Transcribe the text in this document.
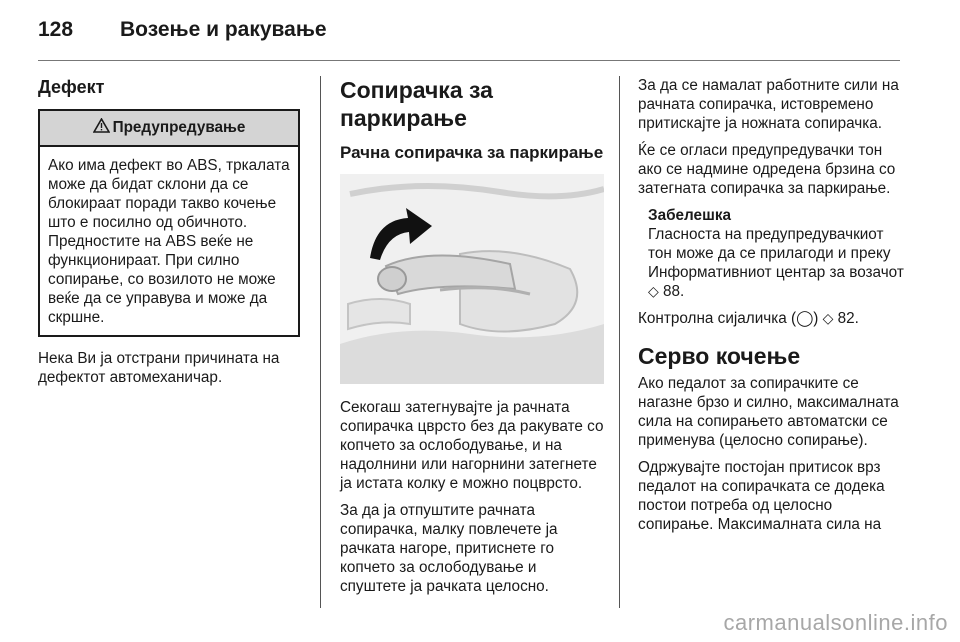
128	Возење и ракување
Дефект
Предупредување
Ако има дефект во ABS, тркалата може да бидат склони да се блокираат поради такво кочење што е посилно од обичното. Предностите на ABS веќе не функционираат. При силно сопирање, со возилото не може веќе да се управува и може да скршне.

Нека Ви ја отстрани причината на дефектот автомеханичар.

Сопирачка за паркирање
Рачна сопирачка за паркирање

Секогаш затегнувајте ја рачната сопирачка цврсто без да ракувате со копчето за ослободување, и на надолнини или нагорнини затегнете ја истата колку е можно поцврсто.

За да ја отпуштите рачната сопирачка, малку повлечете ја рачката нагоре, притиснете го копчето за ослободување и спуштете ја рачката целосно.

За да се намалат работните сили на рачната сопирачка, истовремено притискајте ја ножната сопирачка.

Ќе се огласи предупредувачки тон ако се надмине одредена брзина со затегната сопирачка за паркирање.

Забелешка
Гласноста на предупредувачкиот тон може да се прилагоди и преку Информативниот центар за возачот ◇ 88.

Контролна сијаличка (◯) ◇ 82.

Серво кочење

Ако педалот за сопирачките се нагазне брзо и силно, максималната сила на сопирањето автоматски се применува (целосно сопирање).

Одржувајте постојан притисок врз педалот на сопирачката се додека постои потреба од целосно сопирање. Максималната сила на

carmanualsonline.info
